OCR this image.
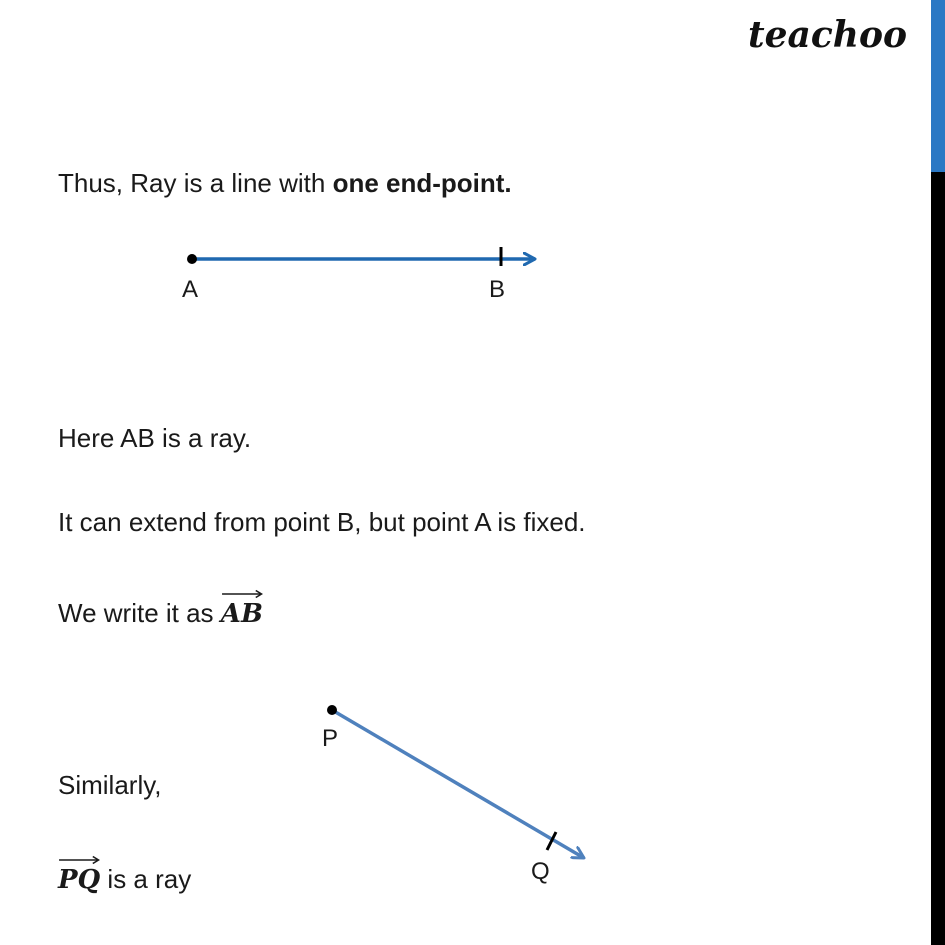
teachoo
Thus, Ray is a line with one end-point.
A	B
P
Q
Here AB is a ray.
It can extend from point B, but point A is fixed.
We write it as
AB
Similarly,
PQ is a ray
